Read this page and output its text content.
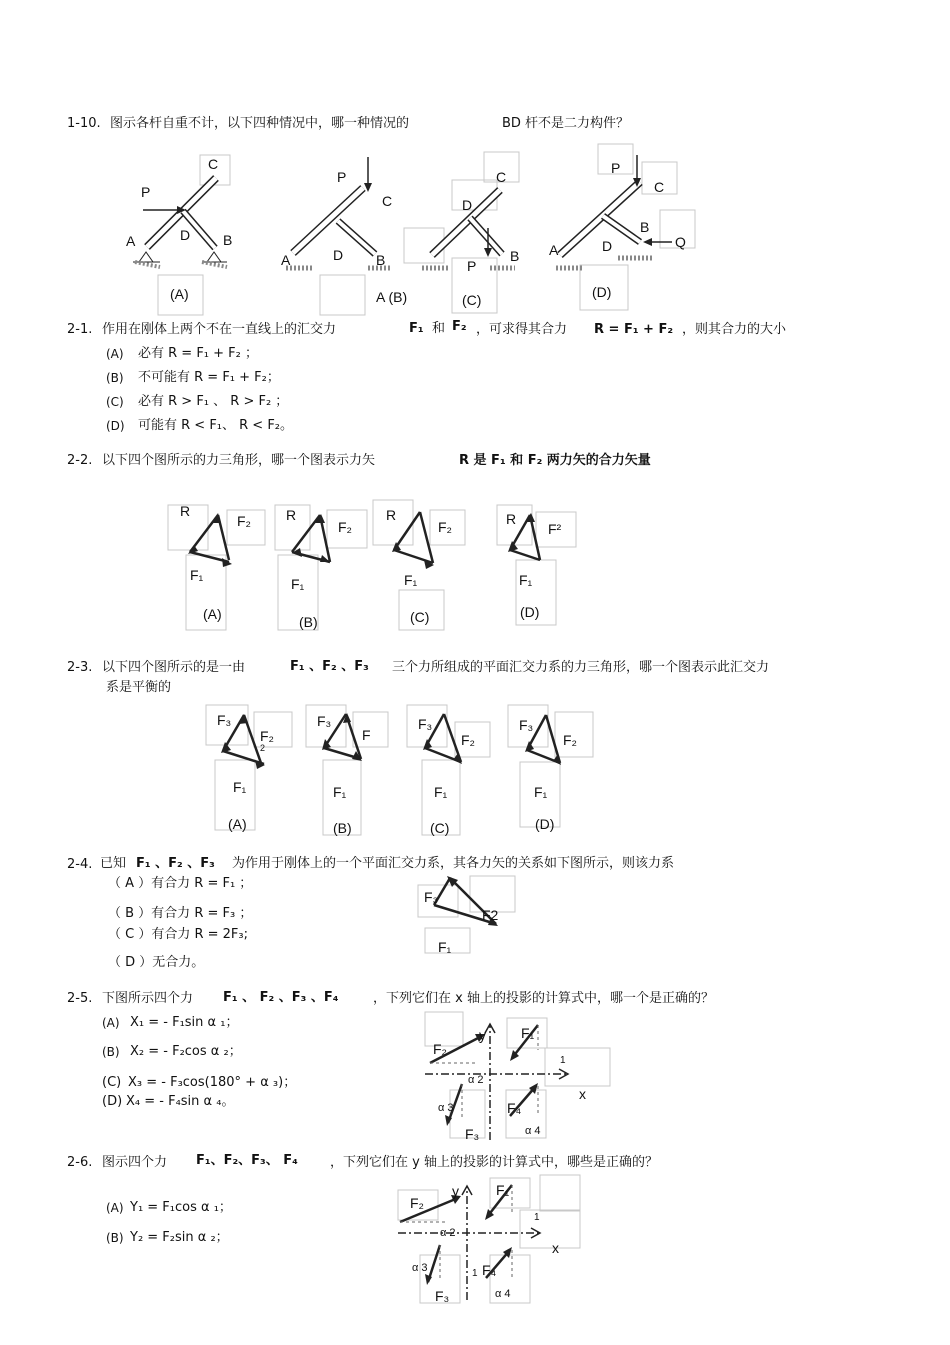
1-10. 图示各杆自重不计，以下四种情况中，哪一种情况的	BD 杆不是二力构件？
C
P
A	D B
P
C
A	D B
C
D
B
P
P
C
B
A	D	Q
(A)	A (B)	(C)	(D)
2-1. 作用在刚体上两个不在一直线上的汇交力	F₁ 和 F₂ ，可求得其合力 R = F₁ + F₂ ，则其合力的大小
(A) 必有 R = F₁ + F₂ ；
(B) 不可能有 R = F₁ + F₂；
(C) 必有 R > F₁ 、 R > F₂ ；
(D) 可能有 R < F₁、 R < F₂。
2-2. 以下四个图所示的力三角形，哪一个图表示力矢	R 是 F₁ 和 F₂ 两力矢的合力矢量
R
F₂
F₁
R
F₂
F₁
R
F₂
F₁
R
F²
F₁
(A)	(B)	(C)	(D)
2-3. 以下四个图所示的是一由	F₁ 、F₂ 、F₃ 三个力所组成的平面汇交力系的力三角形，哪一个图表示此汇交力
系是平衡的
F₃
F₂
2
F₁
F₃
F
F₁
F₃
F₂
F₁
F₃
F₂
F₁
(A)	(B)	(C)	(D)
2-4. 已知 F₁ 、F₂ 、F₃ 为作用于刚体上的一个平面汇交力系，其各力矢的关系如下图所示，则该力系
（ A ）有合力 R = F₁ ；
（ B ）有合力 R = F₃ ；
（ C ）有合力 R = 2F₃;
（ D ）无合力。
F₃
F2
F₁
2-5. 下图所示四个力 F₁ 、 F₂ 、F₃ 、F₄	，下列它们在 x 轴上的投影的计算式中，哪一个是正确的？
(A) X₁ = - F₁sin α ₁；
(B) X₂ = - F₂cos α ₂；
(C) X₃ = - F₃cos(180° + α ₃)；
(D) X₄ = - F₄sin α ₄。
y	F₁
F₂
1
α 2
x
α 3	F₄
F₃	α 4
2-6. 图示四个力 F₁、F₂、F₃、 F₄ ，下列它们在 y 轴上的投影的计算式中，哪些是正确的？
(A) Y₁ = F₁cos α ₁；
(B) Y₂ = F₂sin α ₂；
F₂
y	F₁
α 2
1
x
α 3	1 F₄
F₃	α 4
